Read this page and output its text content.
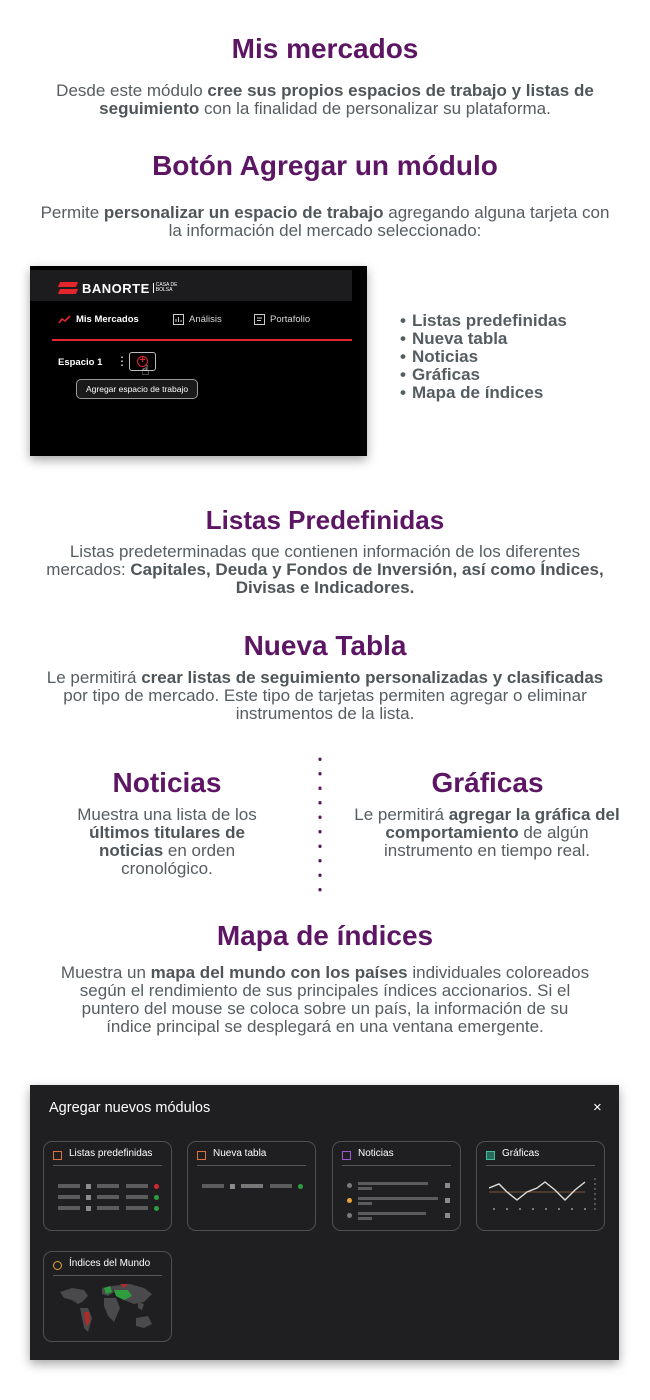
Mis mercados

Desde este módulo cree sus propios espacios de trabajo y listas de seguimiento con la finalidad de personalizar su plataforma.

Botón Agregar un módulo

Permite personalizar un espacio de trabajo agregando alguna tarjeta con la información del mercado seleccionado:

BANORTE	CASA DE BOLSA
Mis Mercados	Análisis	Portafolio
Espacio 1 ⋮ +
☝
Agregar espacio de trabajo
• Listas predefinidas
• Nueva tabla
• Noticias
• Gráficas
• Mapa de índices
Listas Predefinidas

Listas predeterminadas que contienen información de los diferentes mercados: Capitales, Deuda y Fondos de Inversión, así como Índices, Divisas e Indicadores.

Nueva Tabla

Le permitirá crear listas de seguimiento personalizadas y clasificadas por tipo de mercado. Este tipo de tarjetas permiten agregar o eliminar instrumentos de la lista.

Noticias

Muestra una lista de los últimos titulares de noticias en orden cronológico.

Gráficas

Le permitirá agregar la gráfica del comportamiento de algún instrumento en tiempo real.

Mapa de índices

Muestra un mapa del mundo con los países individuales coloreados según el rendimiento de sus principales índices accionarios. Si el puntero del mouse se coloca sobre un país, la información de su índice principal se desplegará en una ventana emergente.

Agregar nuevos módulos	×
Listas predefinidas	Nueva tabla	Noticias	Gráficas
Índices del Mundo
